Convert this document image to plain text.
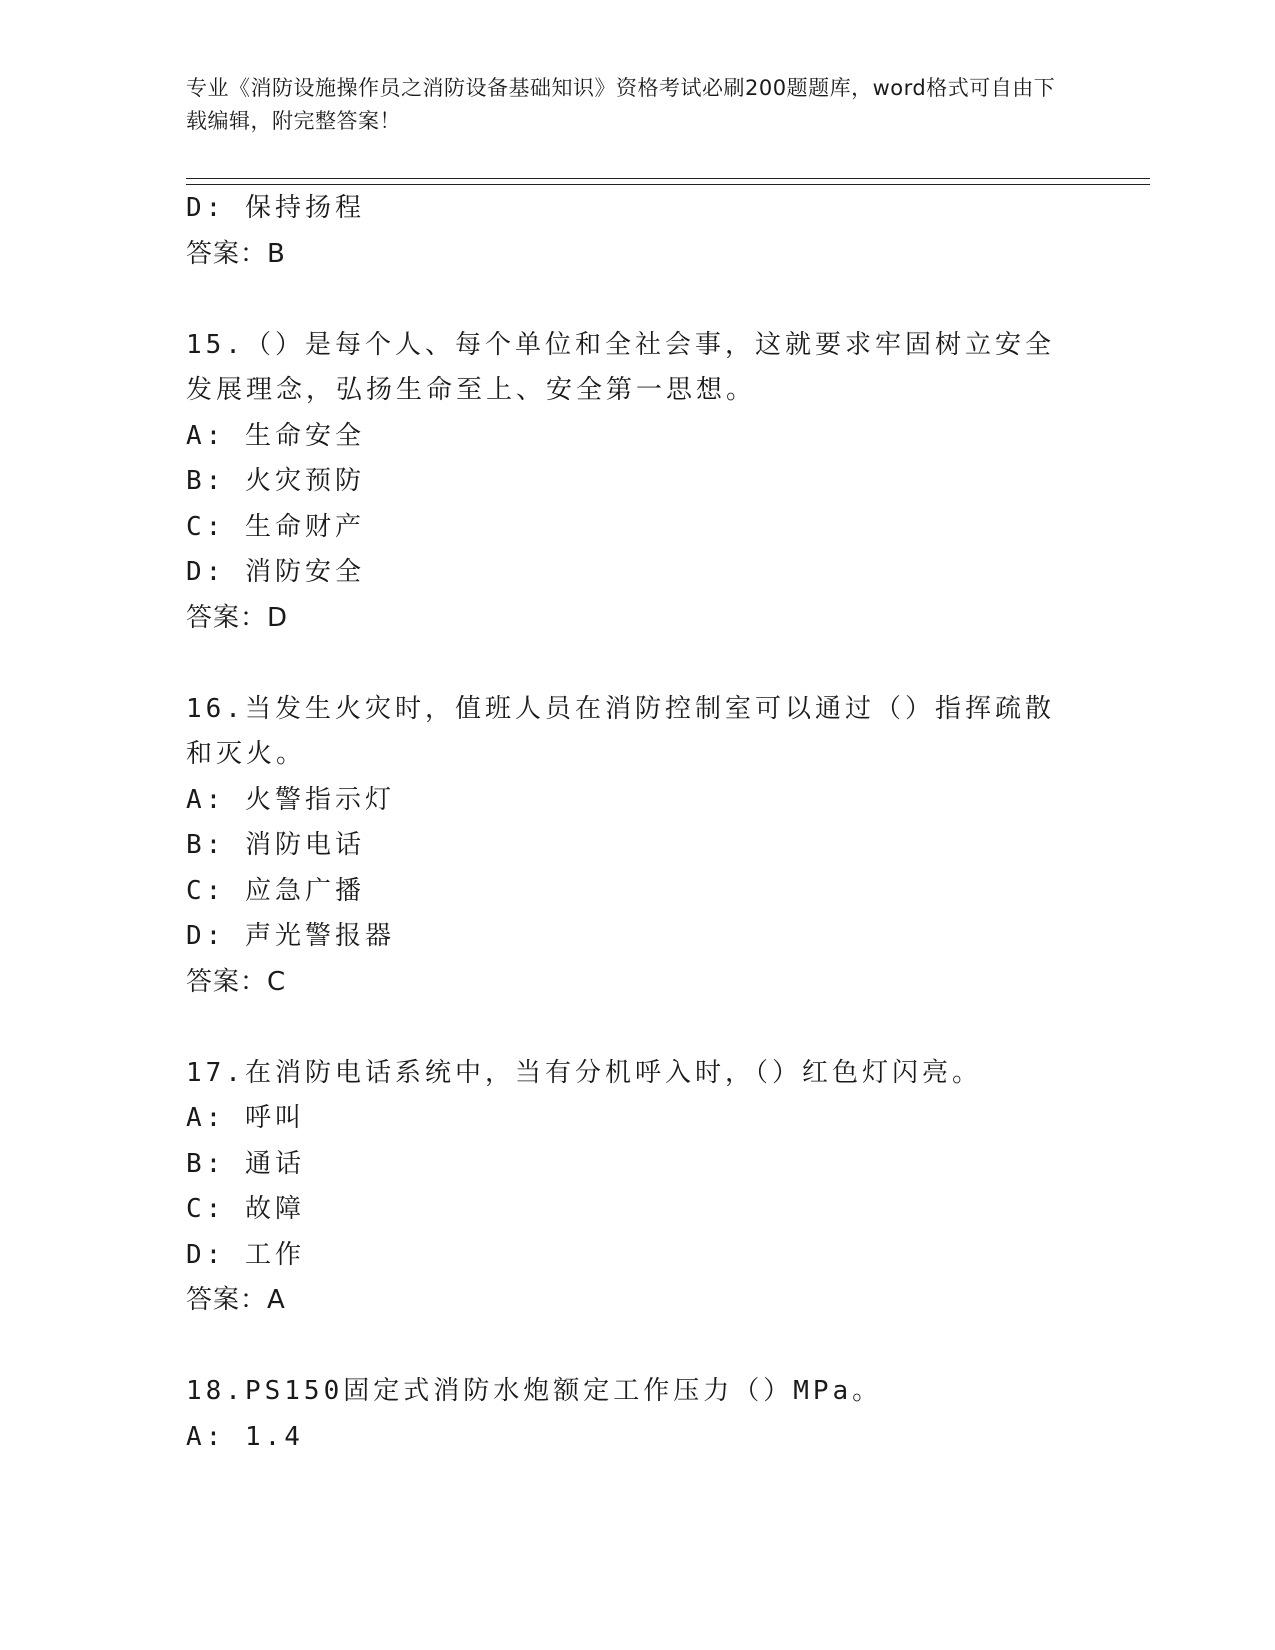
专业《消防设施操作员之消防设备基础知识》资格考试必刷200题题库，word格式可自由下载编辑，附完整答案！
D: 保持扬程
答案：B
15.（）是每个人、每个单位和全社会事，这就要求牢固树立安全发展理念，弘扬生命至上、安全第一思想。
A: 生命安全
B: 火灾预防
C: 生命财产
D: 消防安全
答案：D
16.当发生火灾时，值班人员在消防控制室可以通过（）指挥疏散和灭火。
A: 火警指示灯
B: 消防电话
C: 应急广播
D: 声光警报器
答案：C
17.在消防电话系统中，当有分机呼入时，（）红色灯闪亮。
A: 呼叫
B: 通话
C: 故障
D: 工作
答案：A
18.PS150固定式消防水炮额定工作压力（）MPa。
A: 1.4
